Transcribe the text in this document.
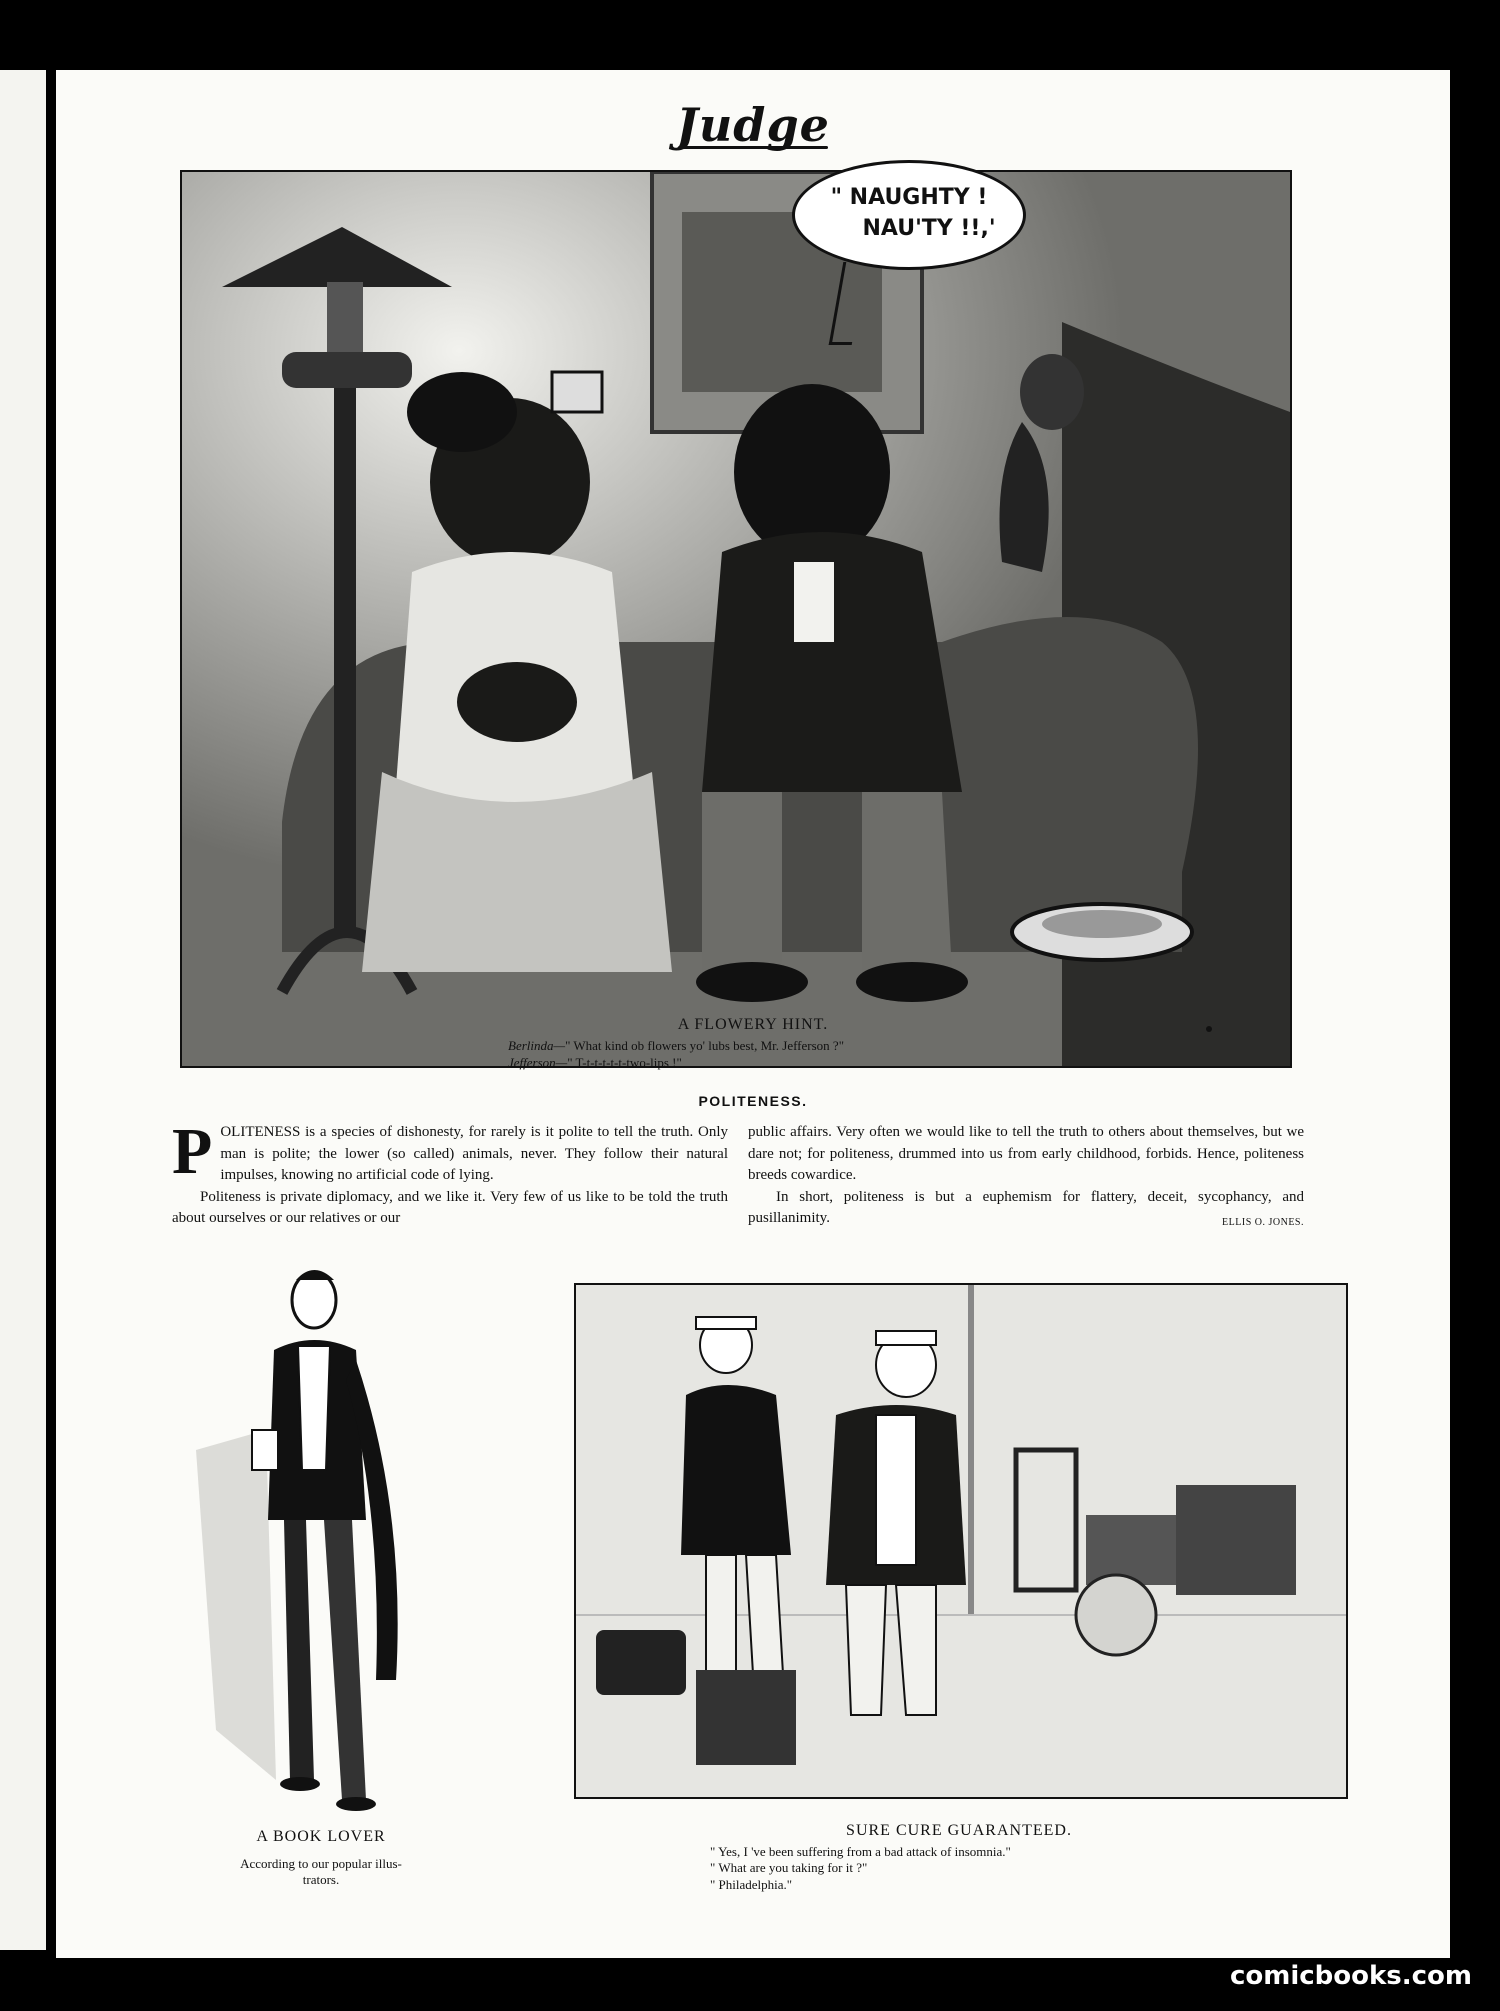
Judge
" NAUGHTY !
NAU'TY !!,'
A FLOWERY HINT.
Berlinda—" What kind ob flowers yo' lubs best, Mr. Jefferson ?"
Jefferson—" T-t-t-t-t-t-two-lips !"
POLITENESS.

POLITENESS is a species of dishonesty, for rarely is it polite to tell the truth. Only man is polite; the lower (so called) animals, never. They follow their natural impulses, knowing no artificial code of lying.

Politeness is private diplomacy, and we like it. Very few of us like to be told the truth about ourselves or our relatives or our

public affairs. Very often we would like to tell the truth to others about themselves, but we dare not; for politeness, drummed into us from early childhood, forbids. Hence, politeness breeds cowardice.

In short, politeness is but a euphemism for flattery, deceit, sycophancy, and pusillanimity.	ELLIS O. JONES.

A BOOK LOVER
According to our popular illus-
trators.
SURE CURE GUARANTEED.
" Yes, I 've been suffering from a bad attack of insomnia."
" What are you taking for it ?"
" Philadelphia."
comicbooks.com
